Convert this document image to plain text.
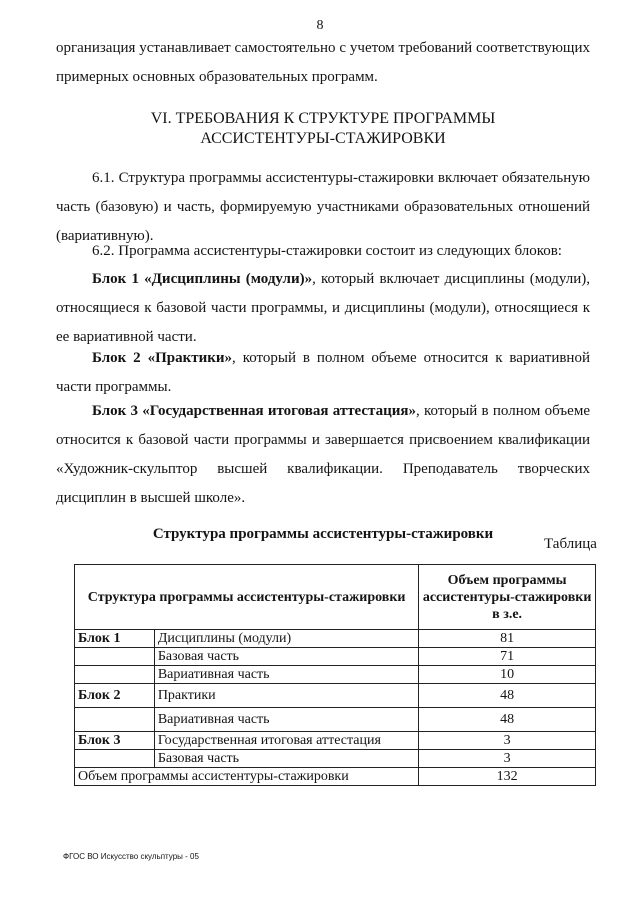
8
организация устанавливает самостоятельно с учетом требований соответствующих примерных основных образовательных программ.
VI. ТРЕБОВАНИЯ К СТРУКТУРЕ ПРОГРАММЫ
АССИСТЕНТУРЫ-СТАЖИРОВКИ
6.1. Структура программы ассистентуры-стажировки включает обязательную часть (базовую) и часть, формируемую участниками образовательных отношений (вариативную).
6.2. Программа ассистентуры-стажировки состоит из следующих блоков:
Блок 1 «Дисциплины (модули)», который включает дисциплины (модули), относящиеся к базовой части программы, и дисциплины (модули), относящиеся к ее вариативной части.
Блок 2 «Практики», который в полном объеме относится к вариативной части программы.
Блок 3 «Государственная итоговая аттестация», который в полном объеме относится к базовой части программы и завершается присвоением квалификации «Художник-скульптор высшей квалификации. Преподаватель творческих дисциплин в высшей школе».
Структура программы ассистентуры-стажировки
Таблица
Структура программы ассистентуры-стажировки		Объем программы ассистентуры-стажировки
в з.е.

Блок 1	Дисциплины (модули)	81
	Базовая часть	71
	Вариативная часть	10
Блок 2	Практики	48
	Вариативная часть	48
Блок 3	Государственная итоговая аттестация	3
	Базовая часть	3
Объем программы ассистентуры-стажировки		132
ФГОС ВО Искусство скульптуры - 05
